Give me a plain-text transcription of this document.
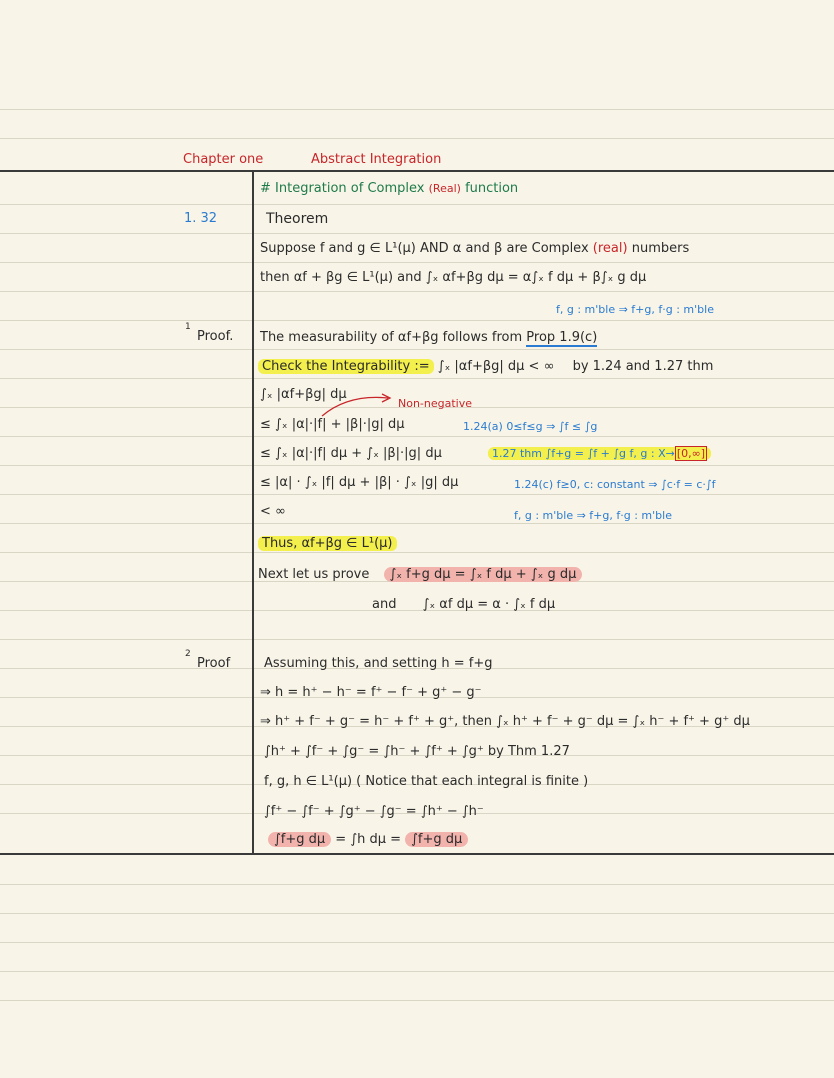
Chapter one	Abstract Integration
# Integration of Complex (Real) function
1. 32	Theorem
Suppose f and g ∈ L¹(μ) AND α and β are Complex (real) numbers
then αf + βg ∈ L¹(μ) and ∫ₓ αf+βg dμ = α∫ₓ f dμ + β∫ₓ g dμ
f, g : m'ble ⇒ f+g, f·g : m'ble
1
Proof. The measurability of αf+βg follows from Prop 1.9(c)
Check the Integrability := ∫ₓ |αf+βg| dμ < ∞ by 1.24 and 1.27 thm
∫ₓ |αf+βg| dμ
Non-negative
≤ ∫ₓ |α|·|f| + |β|·|g| dμ	1.24(a) 0≤f≤g ⇒ ∫f ≤ ∫g
≤ ∫ₓ |α|·|f| dμ + ∫ₓ |β|·|g| dμ	1.27 thm ∫f+g = ∫f + ∫g f, g : X→ [0,∞]
≤ |α| · ∫ₓ |f| dμ + |β| · ∫ₓ |g| dμ	1.24(c) f≥0, c: constant ⇒ ∫c·f = c·∫f
< ∞	f, g : m'ble ⇒ f+g, f·g : m'ble
Thus, αf+βg ∈ L¹(μ)
Next let us prove ∫ₓ f+g dμ = ∫ₓ f dμ + ∫ₓ g dμ
and ∫ₓ αf dμ = α · ∫ₓ f dμ
2
Proof	Assuming this, and setting h = f+g
⇒ h = h⁺ − h⁻ = f⁺ − f⁻ + g⁺ − g⁻
⇒ h⁺ + f⁻ + g⁻ = h⁻ + f⁺ + g⁺, then ∫ₓ h⁺ + f⁻ + g⁻ dμ = ∫ₓ h⁻ + f⁺ + g⁺ dμ
∫h⁺ + ∫f⁻ + ∫g⁻ = ∫h⁻ + ∫f⁺ + ∫g⁺ by Thm 1.27
f, g, h ∈ L¹(μ) ( Notice that each integral is finite )
∫f⁺ − ∫f⁻ + ∫g⁺ − ∫g⁻ = ∫h⁺ − ∫h⁻
∫f+g dμ = ∫h dμ = ∫f+g dμ
